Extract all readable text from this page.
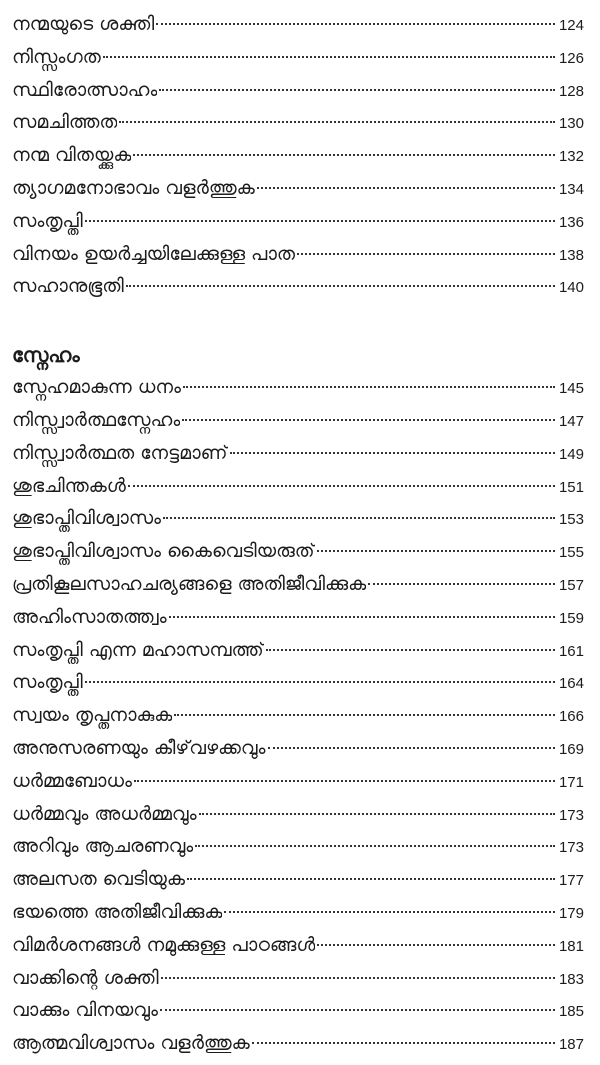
നന്മയുടെ ശക്തി	124
നിസ്സംഗത	126
സ്ഥിരോത്സാഹം	128
സമചിത്തത	130
നന്മ വിതയ്ക്കുക	132
ത്യാഗമനോഭാവം വളർത്തുക	134
സംതൃപ്തി	136
വിനയം ഉയർച്ചയിലേക്കുള്ള പാത	138
സഹാനുഭൂതി	140
സ്നേഹം
സ്നേഹമാകുന്ന ധനം	145
നിസ്സ്വാർത്ഥസ്നേഹം	147
നിസ്സ്വാർത്ഥത നേട്ടമാണ്	149
ശുഭചിന്തകൾ	151
ശുഭാപ്തിവിശ്വാസം	153
ശുഭാപ്തിവിശ്വാസം കൈവെടിയരുത്	155
പ്രതികൂലസാഹചര്യങ്ങളെ അതിജീവിക്കുക	157
അഹിംസാതത്ത്വം	159
സംതൃപ്തി എന്ന മഹാസമ്പത്ത്	161
സംതൃപ്തി	164
സ്വയം തൃപ്തനാകുക	166
അനുസരണയും കീഴ്‌വഴക്കവും	169
ധർമ്മബോധം	171
ധർമ്മവും അധർമ്മവും	173
അറിവും ആചരണവും	173
അലസത വെടിയുക	177
ഭയത്തെ അതിജീവിക്കുക	179
വിമർശനങ്ങൾ നമുക്കുള്ള പാഠങ്ങൾ	181
വാക്കിന്റെ ശക്തി	183
വാക്കും വിനയവും	185
ആത്മവിശ്വാസം വളർത്തുക	187
